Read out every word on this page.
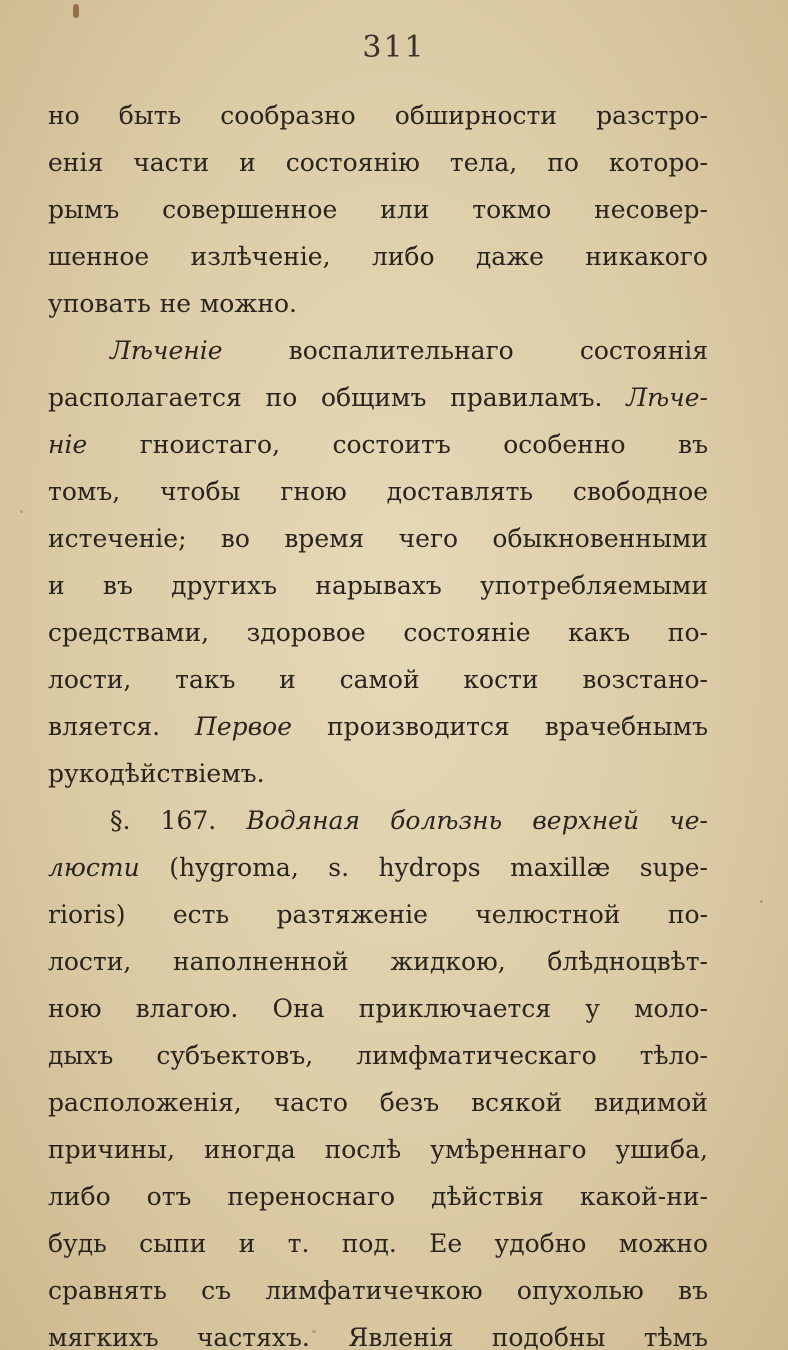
311
но быть сообразно обширности разстро-
енія части и состоянію тела, по которо-
рымъ совершенное или токмо несовер-
шенное излѣченіе, либо даже никакого
уповать не можно.
Лѣченіе	воспалительнаго	состоянія
располагается по общимъ правиламъ. Лѣче-
ніе гноистаго, состоитъ особенно въ
томъ, чтобы гною доставлять свободное
истеченіе; во время чего обыкновенными
и въ другихъ нарывахъ употребляемыми
средствами, здоровое состояніе какъ по-
лости, такъ и самой кости возстано-
вляется. Первое производится врачебнымъ
рукодѣйствіемъ.
§. 167. Водяная болѣзнь верхней че-
люсти (hygroma, s. hydrops maxillæ supe-
rioris) есть разтяженіе челюстной по-
лости, наполненной жидкою, блѣдноцвѣт-
ною влагою. Она приключается у моло-
дыхъ субъектовъ, лимфматическаго тѣло-
расположенія, часто безъ всякой видимой
причины, иногда послѣ умѣреннаго ушиба,
либо отъ переноснаго дѣйствія какой-ни-
будь сыпи и т. под. Ее удобно можно
сравнять съ лимфатичечкою опухолью въ
мягкихъ частяхъ. Явленія подобны тѣмъ
